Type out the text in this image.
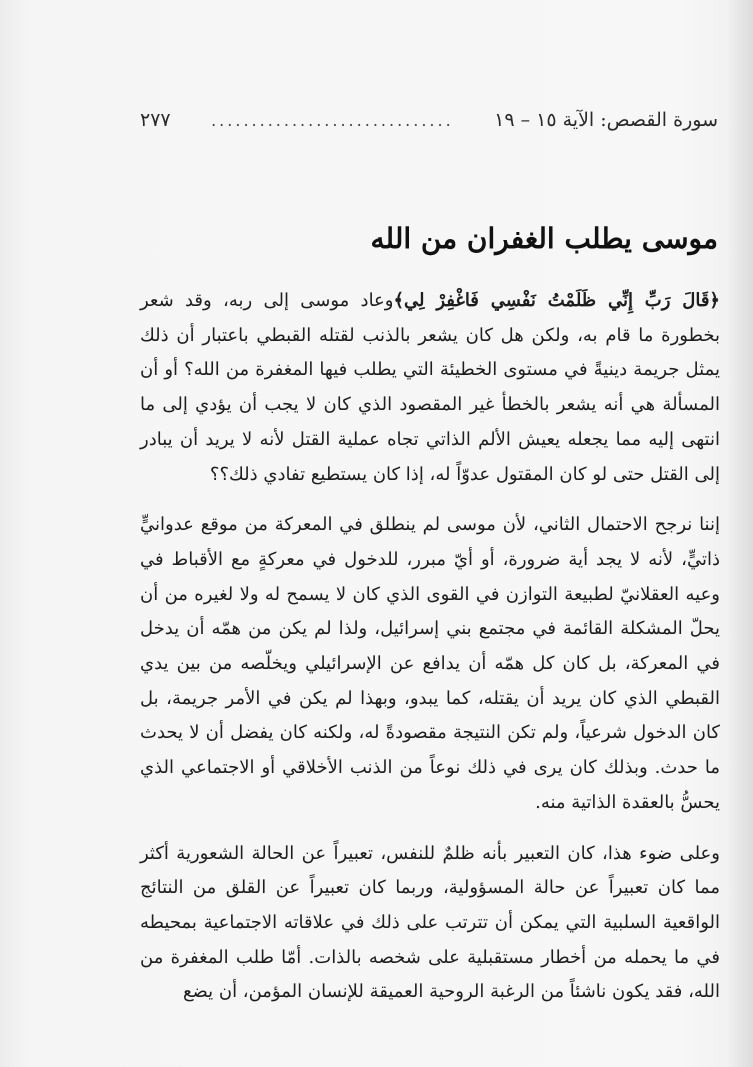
سورة القصص: الآية ١٥ – ١٩
..............................
٢٧٧
موسى يطلب الغفران من الله

﴿قَالَ رَبِّ إِنِّي ظَلَمْتُ نَفْسِي فَاغْفِرْ لِي﴾وعاد موسى إلى ربه، وقد شعر بخطورة ما قام به، ولكن هل كان يشعر بالذنب لقتله القبطي باعتبار أن ذلك يمثل جريمة دينيةً في مستوى الخطيئة التي يطلب فيها المغفرة من الله؟ أو أن المسألة هي أنه يشعر بالخطأ غير المقصود الذي كان لا يجب أن يؤدي إلى ما انتهى إليه مما يجعله يعيش الألم الذاتي تجاه عملية القتل لأنه لا يريد أن يبادر إلى القتل حتى لو كان المقتول عدوّاً له، إذا كان يستطيع تفادي ذلك؟؟

إننا نرجح الاحتمال الثاني، لأن موسى لم ينطلق في المعركة من موقع عدوانيٍّ ذاتيٍّ، لأنه لا يجد أية ضرورة، أو أيّ مبرر، للدخول في معركةٍ مع الأقباط في وعيه العقلانيّ لطبيعة التوازن في القوى الذي كان لا يسمح له ولا لغيره من أن يحلّ المشكلة القائمة في مجتمع بني إسرائيل، ولذا لم يكن من همّه أن يدخل في المعركة، بل كان كل همّه أن يدافع عن الإسرائيلي ويخلّصه من بين يدي القبطي الذي كان يريد أن يقتله، كما يبدو، وبهذا لم يكن في الأمر جريمة، بل كان الدخول شرعياً، ولم تكن النتيجة مقصودةً له، ولكنه كان يفضل أن لا يحدث ما حدث. وبذلك كان يرى في ذلك نوعاً من الذنب الأخلاقي أو الاجتماعي الذي يحسُّ بالعقدة الذاتية منه.

وعلى ضوء هذا، كان التعبير بأنه ظلمٌ للنفس، تعبيراً عن الحالة الشعورية أكثر مما كان تعبيراً عن حالة المسؤولية، وربما كان تعبيراً عن القلق من النتائج الواقعية السلبية التي يمكن أن تترتب على ذلك في علاقاته الاجتماعية بمحيطه في ما يحمله من أخطار مستقبلية على شخصه بالذات. أمّا طلب المغفرة من الله، فقد يكون ناشئاً من الرغبة الروحية العميقة للإنسان المؤمن، أن يضع
